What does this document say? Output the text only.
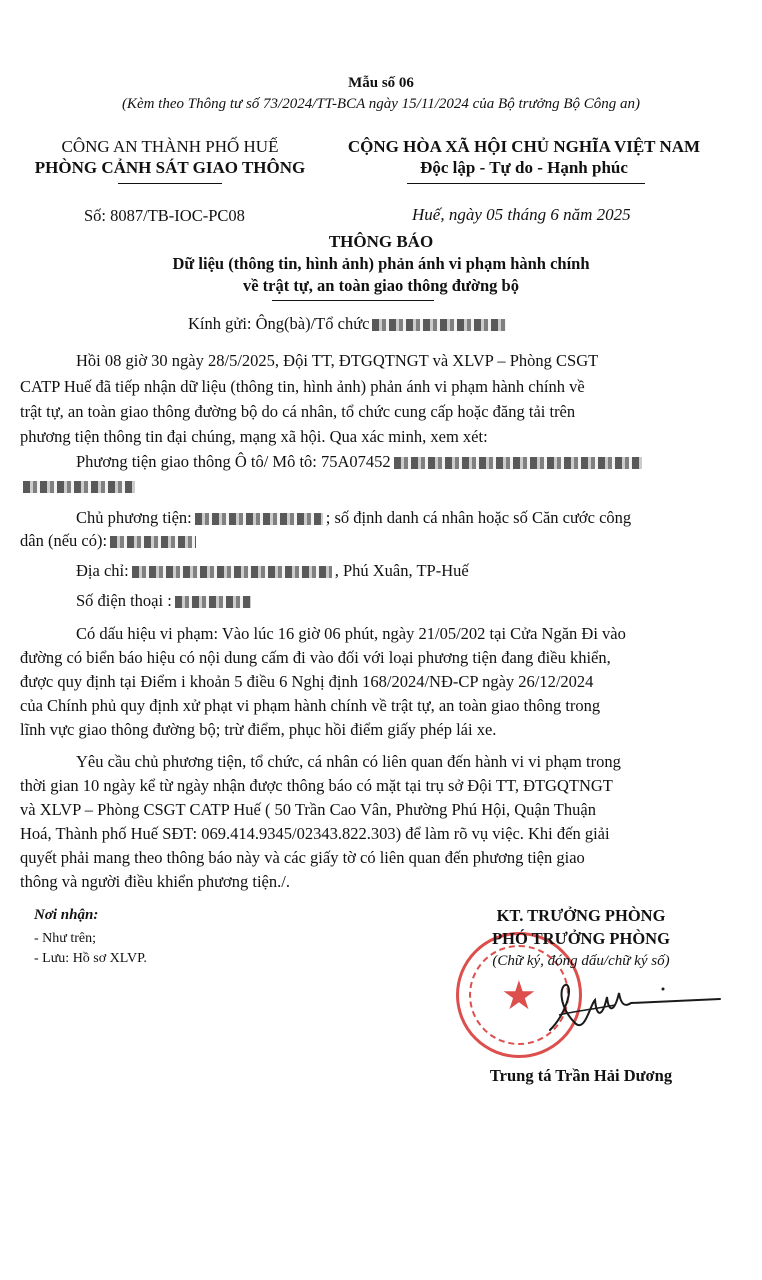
Mẫu số 06
(Kèm theo Thông tư số 73/2024/TT-BCA ngày 15/11/2024 của Bộ trưởng Bộ Công an)
CÔNG AN THÀNH PHỐ HUẾ
PHÒNG CẢNH SÁT GIAO THÔNG
CỘNG HÒA XÃ HỘI CHỦ NGHĨA VIỆT NAM
Độc lập - Tự do - Hạnh phúc
Số: 8087/TB-IOC-PC08	Huế, ngày 05 tháng 6 năm 2025
THÔNG BÁO
Dữ liệu (thông tin, hình ảnh) phản ánh vi phạm hành chính
về trật tự, an toàn giao thông đường bộ
Kính gửi: Ông(bà)/Tổ chức
Hồi 08 giờ 30 ngày 28/5/2025, Đội TT, ĐTGQTNGT và XLVP – Phòng CSGT
CATP Huế đã tiếp nhận dữ liệu (thông tin, hình ảnh) phản ánh vi phạm hành chính về
trật tự, an toàn giao thông đường bộ do cá nhân, tổ chức cung cấp hoặc đăng tải trên
phương tiện thông tin đại chúng, mạng xã hội. Qua xác minh, xem xét:
Phương tiện giao thông Ô tô/ Mô tô: 75A07452
Chủ phương tiện:	; số định danh cá nhân hoặc số Căn cước công
dân (nếu có):
Địa chỉ:	, Phú Xuân, TP-Huế
Số điện thoại :
Có dấu hiệu vi phạm: Vào lúc 16 giờ 06 phút, ngày 21/05/202 tại Cửa Ngăn Đi vào
đường có biển báo hiệu có nội dung cấm đi vào đối với loại phương tiện đang điều khiển,
được quy định tại Điểm i khoản 5 điều 6 Nghị định 168/2024/NĐ-CP ngày 26/12/2024
của Chính phủ quy định xử phạt vi phạm hành chính về trật tự, an toàn giao thông trong
lĩnh vực giao thông đường bộ; trừ điểm, phục hồi điểm giấy phép lái xe.
Yêu cầu chủ phương tiện, tổ chức, cá nhân có liên quan đến hành vi vi phạm trong
thời gian 10 ngày kể từ ngày nhận được thông báo có mặt tại trụ sở Đội TT, ĐTGQTNGT
và XLVP – Phòng CSGT CATP Huế ( 50 Trần Cao Vân, Phường Phú Hội, Quận Thuận
Hoá, Thành phố Huế SĐT: 069.414.9345/02343.822.303) để làm rõ vụ việc. Khi đến giải
quyết phải mang theo thông báo này và các giấy tờ có liên quan đến phương tiện giao
thông và người điều khiển phương tiện./.
Nơi nhận:
- Như trên;
- Lưu: Hồ sơ XLVP.
★
KT. TRƯỞNG PHÒNG
PHÓ TRƯỞNG PHÒNG
(Chữ ký, đóng dấu/chữ ký số)
Trung tá Trần Hải Dương
